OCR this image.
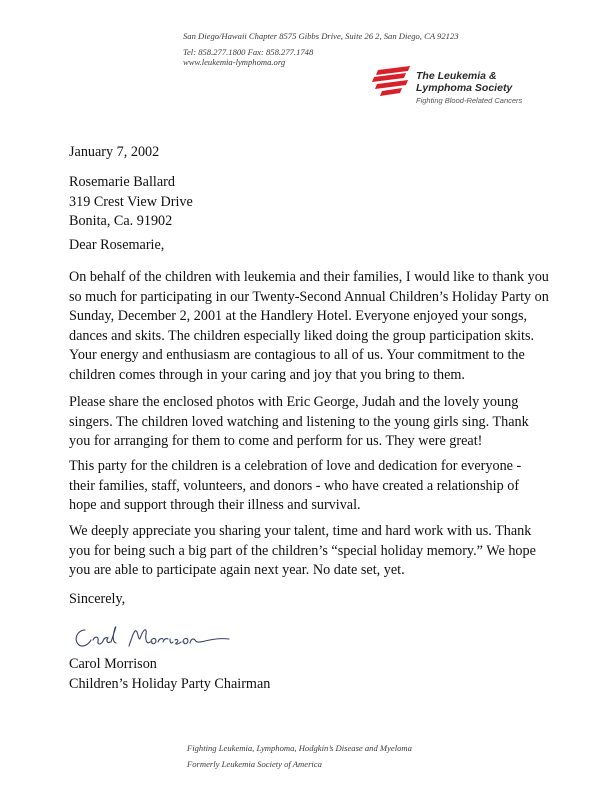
San Diego/Hawaii Chapter 8575 Gibbs Drive, Suite 26 2, San Diego, CA 92123
Tel: 858.277.1800 Fax: 858.277.1748
www.leukemia-lymphoma.org
The Leukemia &
Lymphoma Society
Fighting Blood-Related Cancers
January 7, 2002
Rosemarie Ballard
319 Crest View Drive
Bonita, Ca. 91902
Dear Rosemarie,
On behalf of the children with leukemia and their families, I would like to thank you
so much for participating in our Twenty-Second Annual Children’s Holiday Party on
Sunday, December 2, 2001 at the Handlery Hotel. Everyone enjoyed your songs,
dances and skits. The children especially liked doing the group participation skits.
Your energy and enthusiasm are contagious to all of us. Your commitment to the
children comes through in your caring and joy that you bring to them.
Please share the enclosed photos with Eric George, Judah and the lovely young
singers. The children loved watching and listening to the young girls sing. Thank
you for arranging for them to come and perform for us. They were great!
This party for the children is a celebration of love and dedication for everyone -
their families, staff, volunteers, and donors - who have created a relationship of
hope and support through their illness and survival.
We deeply appreciate you sharing your talent, time and hard work with us. Thank
you for being such a big part of the children’s “special holiday memory.” We hope
you are able to participate again next year. No date set, yet.
Sincerely,
Carol Morrison
Children’s Holiday Party Chairman
Fighting Leukemia, Lymphoma, Hodgkin’s Disease and Myeloma
Formerly Leukemia Society of America
